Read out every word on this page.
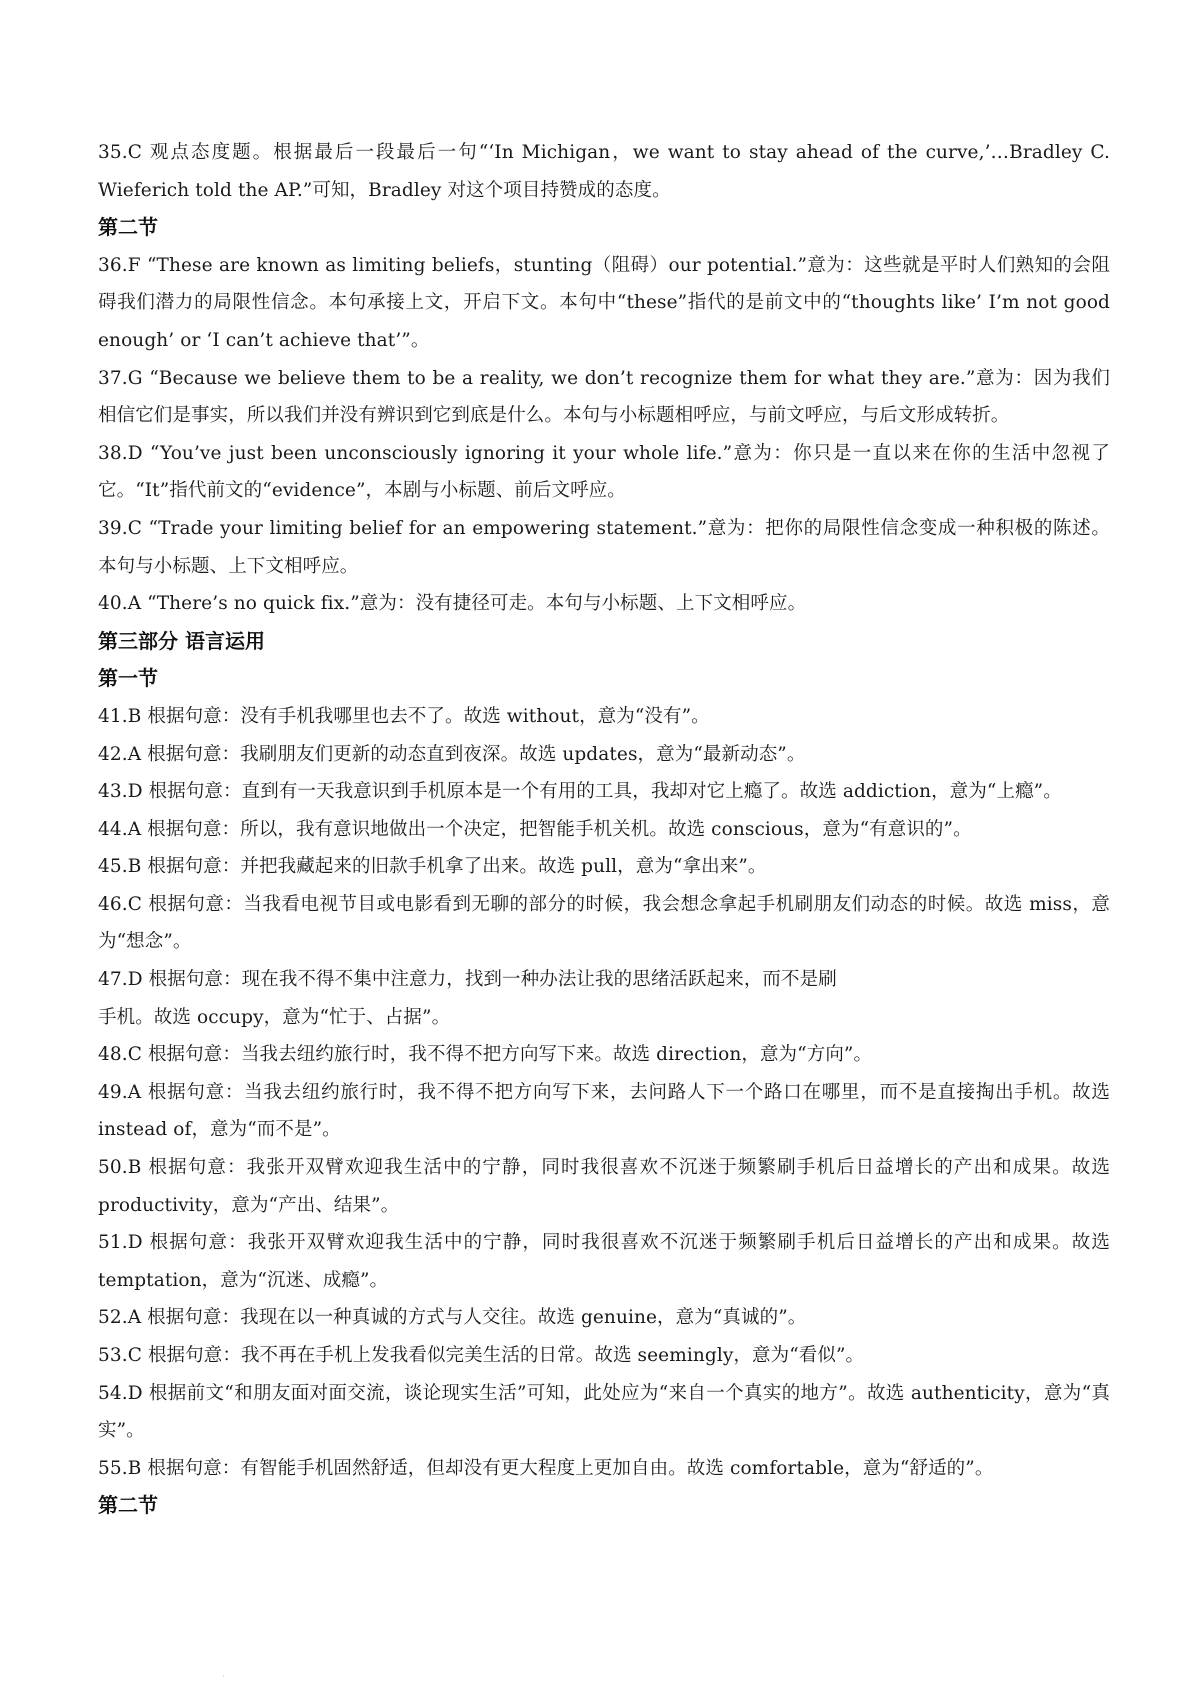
35.C 观点态度题。根据最后一段最后一句“‘In Michigan，we want to stay ahead of the curve,’…Bradley C. Wieferich told the AP.”可知，Bradley 对这个项目持赞成的态度。

第二节

36.F “These are known as limiting beliefs，stunting（阻碍）our potential.”意为：这些就是平时人们熟知的会阻碍我们潜力的局限性信念。本句承接上文，开启下文。本句中“these”指代的是前文中的“thoughts like’ I’m not good enough’ or ‘I can’t achieve that’”。

37.G “Because we believe them to be a reality, we don’t recognize them for what they are.”意为：因为我们相信它们是事实，所以我们并没有辨识到它到底是什么。本句与小标题相呼应，与前文呼应，与后文形成转折。

38.D “You’ve just been unconsciously ignoring it your whole life.”意为：你只是一直以来在你的生活中忽视了它。“It”指代前文的“evidence”，本剧与小标题、前后文呼应。

39.C “Trade your limiting belief for an empowering statement.”意为：把你的局限性信念变成一种积极的陈述。本句与小标题、上下文相呼应。

40.A “There’s no quick fix.”意为：没有捷径可走。本句与小标题、上下文相呼应。

第三部分 语言运用

第一节

41.B 根据句意：没有手机我哪里也去不了。故选 without，意为“没有”。

42.A 根据句意：我刷朋友们更新的动态直到夜深。故选 updates，意为“最新动态”。

43.D 根据句意：直到有一天我意识到手机原本是一个有用的工具，我却对它上瘾了。故选 addiction，意为“上瘾”。

44.A 根据句意：所以，我有意识地做出一个决定，把智能手机关机。故选 conscious，意为“有意识的”。

45.B 根据句意：并把我藏起来的旧款手机拿了出来。故选 pull，意为“拿出来”。

46.C 根据句意：当我看电视节目或电影看到无聊的部分的时候，我会想念拿起手机刷朋友们动态的时候。故选 miss，意为“想念”。

47.D 根据句意：现在我不得不集中注意力，找到一种办法让我的思绪活跃起来，而不是刷
手机。故选 occupy，意为“忙于、占据”。

48.C 根据句意：当我去纽约旅行时，我不得不把方向写下来。故选 direction，意为“方向”。

49.A 根据句意：当我去纽约旅行时，我不得不把方向写下来，去问路人下一个路口在哪里，而不是直接掏出手机。故选 instead of，意为“而不是”。

50.B 根据句意：我张开双臂欢迎我生活中的宁静，同时我很喜欢不沉迷于频繁刷手机后日益增长的产出和成果。故选 productivity，意为“产出、结果”。

51.D 根据句意：我张开双臂欢迎我生活中的宁静，同时我很喜欢不沉迷于频繁刷手机后日益增长的产出和成果。故选 temptation，意为“沉迷、成瘾”。

52.A 根据句意：我现在以一种真诚的方式与人交往。故选 genuine，意为“真诚的”。

53.C 根据句意：我不再在手机上发我看似完美生活的日常。故选 seemingly，意为“看似”。

54.D 根据前文“和朋友面对面交流，谈论现实生活”可知，此处应为“来自一个真实的地方”。故选 authenticity，意为“真实”。

55.B 根据句意：有智能手机固然舒适，但却没有更大程度上更加自由。故选 comfortable，意为“舒适的”。

第二节

·
